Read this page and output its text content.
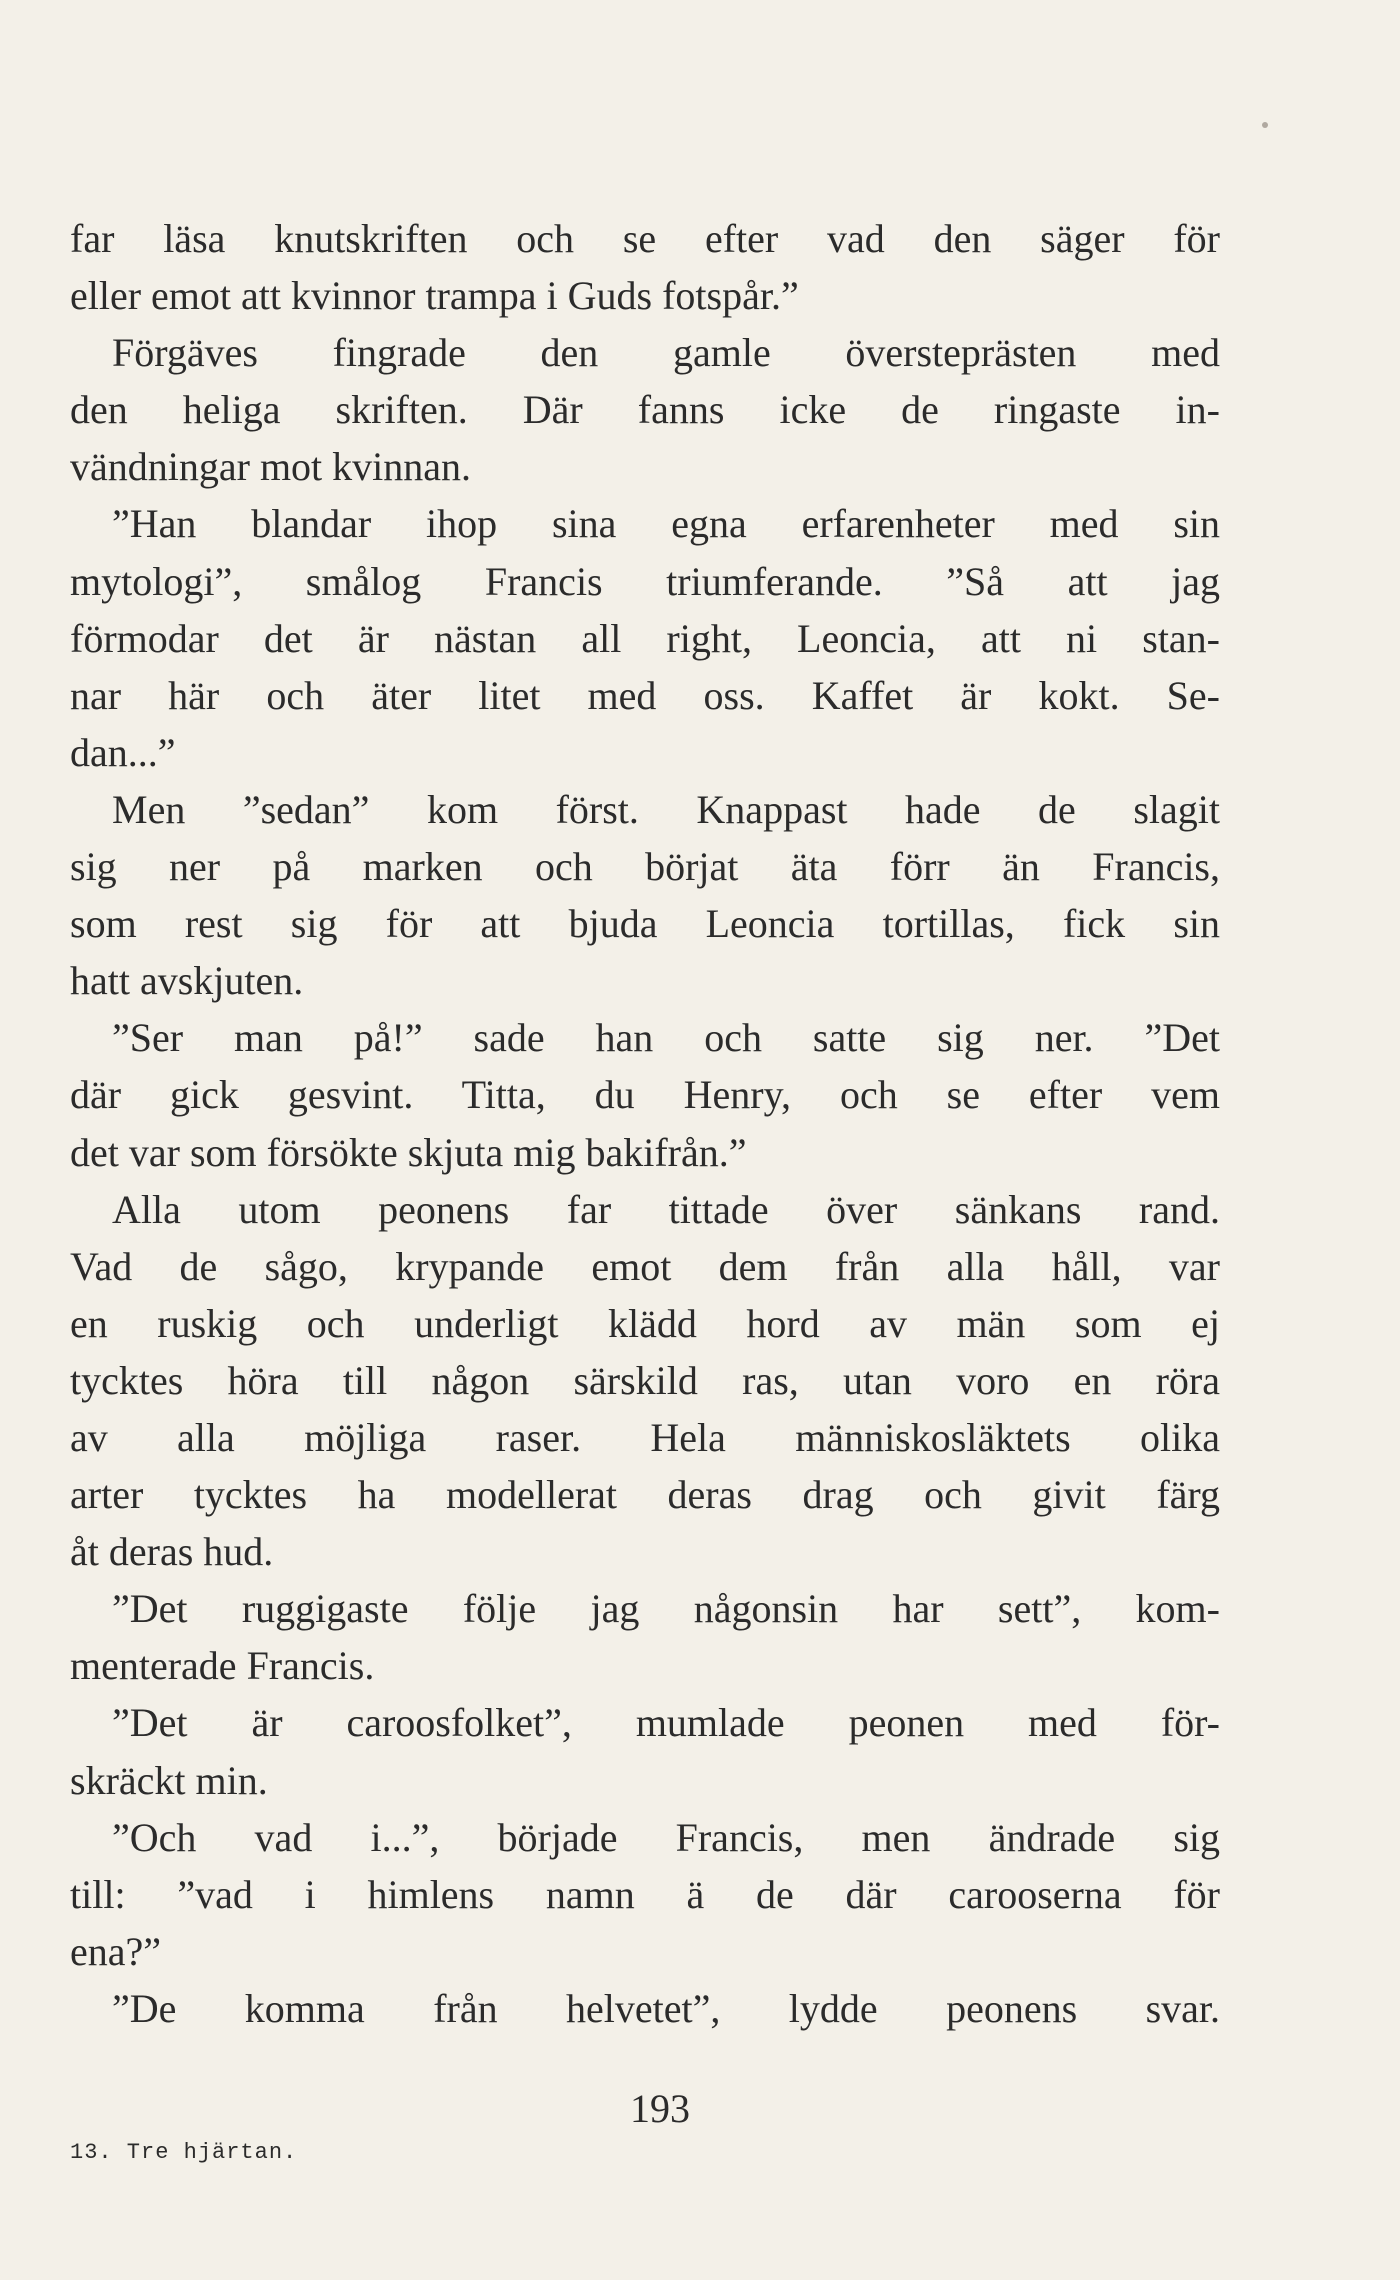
far läsa knutskriften och se efter vad den säger för
eller emot att kvinnor trampa i Guds fotspår.”
Förgäves fingrade den gamle översteprästen med
den heliga skriften. Där fanns icke de ringaste in-
vändningar mot kvinnan.
”Han blandar ihop sina egna erfarenheter med sin
mytologi”, smålog Francis triumferande. ”Så att jag
förmodar det är nästan all right, Leoncia, att ni stan-
nar här och äter litet med oss. Kaffet är kokt. Se-
dan...”
Men ”sedan” kom först. Knappast hade de slagit
sig ner på marken och börjat äta förr än Francis,
som rest sig för att bjuda Leoncia tortillas, fick sin
hatt avskjuten.
”Ser man på!” sade han och satte sig ner. ”Det
där gick gesvint. Titta, du Henry, och se efter vem
det var som försökte skjuta mig bakifrån.”
Alla utom peonens far tittade över sänkans rand.
Vad de sågo, krypande emot dem från alla håll, var
en ruskig och underligt klädd hord av män som ej
tycktes höra till någon särskild ras, utan voro en röra
av alla möjliga raser. Hela människosläktets olika
arter tycktes ha modellerat deras drag och givit färg
åt deras hud.
”Det ruggigaste följe jag någonsin har sett”, kom-
menterade Francis.
”Det är caroosfolket”, mumlade peonen med för-
skräckt min.
”Och vad i...”, började Francis, men ändrade sig
till: ”vad i himlens namn ä de där carooserna för
ena?”
”De komma från helvetet”, lydde peonens svar.
193
13. Tre hjärtan.
